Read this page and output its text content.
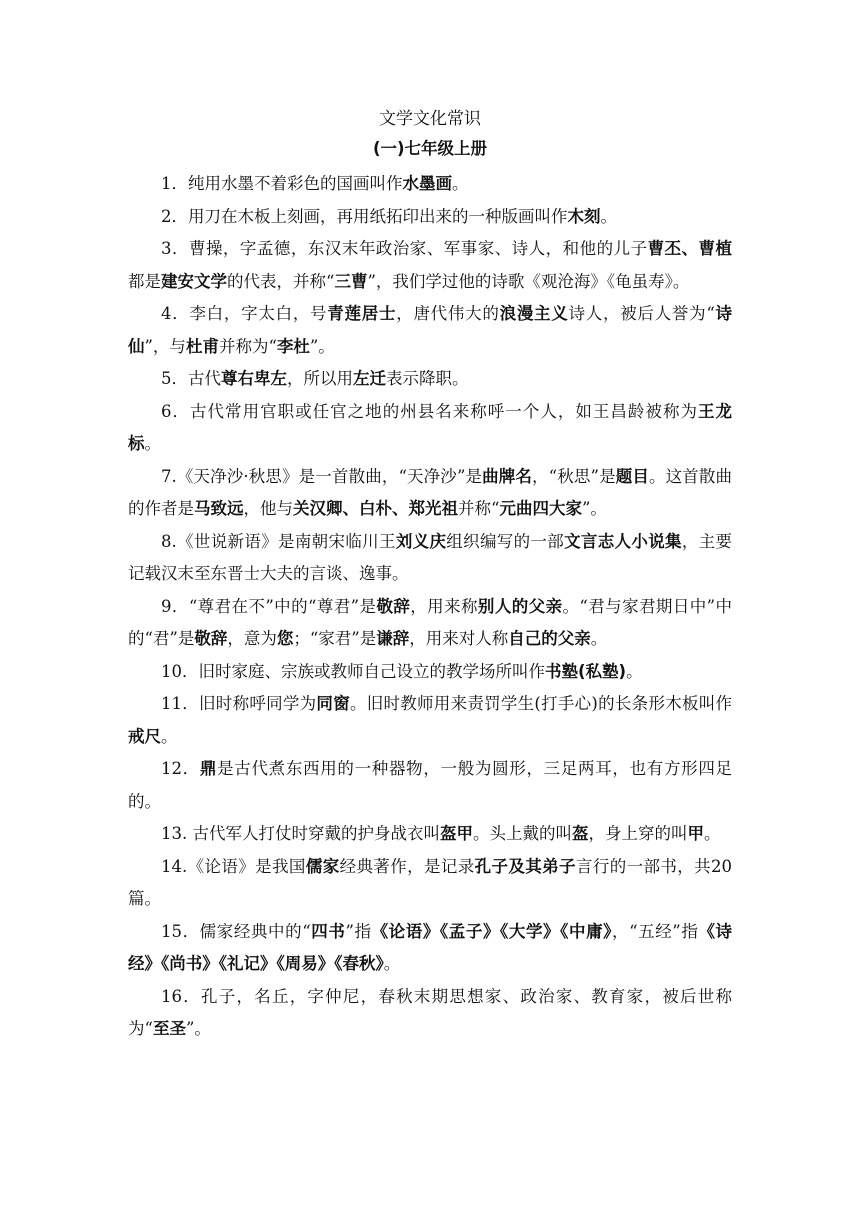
文学文化常识
(一)七年级上册

1．纯用水墨不着彩色的国画叫作水墨画。

2．用刀在木板上刻画，再用纸拓印出来的一种版画叫作木刻。

3．曹操，字孟德，东汉末年政治家、军事家、诗人，和他的儿子曹丕、曹植都是建安文学的代表，并称“三曹”，我们学过他的诗歌《观沧海》《龟虽寿》。

4．李白，字太白，号青莲居士，唐代伟大的浪漫主义诗人，被后人誉为“诗仙”，与杜甫并称为“李杜”。

5．古代尊右卑左，所以用左迁表示降职。

6．古代常用官职或任官之地的州县名来称呼一个人，如王昌龄被称为王龙标。

7.《天净沙·秋思》是一首散曲，“天净沙”是曲牌名，“秋思”是题目。这首散曲的作者是马致远，他与关汉卿、白朴、郑光祖并称“元曲四大家”。

8.《世说新语》是南朝宋临川王刘义庆组织编写的一部文言志人小说集，主要记载汉末至东晋士大夫的言谈、逸事。

9．“尊君在不”中的“尊君”是敬辞，用来称别人的父亲。“君与家君期日中”中的“君”是敬辞，意为您；“家君”是谦辞，用来对人称自己的父亲。

10．旧时家庭、宗族或教师自己设立的教学场所叫作书塾(私塾)。

11．旧时称呼同学为同窗。旧时教师用来责罚学生(打手心)的长条形木板叫作戒尺。

12．鼎是古代煮东西用的一种器物，一般为圆形，三足两耳，也有方形四足的。

13. 古代军人打仗时穿戴的护身战衣叫盔甲。头上戴的叫盔，身上穿的叫甲。

14.《论语》是我国儒家经典著作，是记录孔子及其弟子言行的一部书，共20 篇。

15．儒家经典中的“四书”指《论语》《孟子》《大学》《中庸》，“五经”指《诗经》《尚书》《礼记》《周易》《春秋》。

16．孔子，名丘，字仲尼，春秋末期思想家、政治家、教育家，被后世称为“至圣”。
